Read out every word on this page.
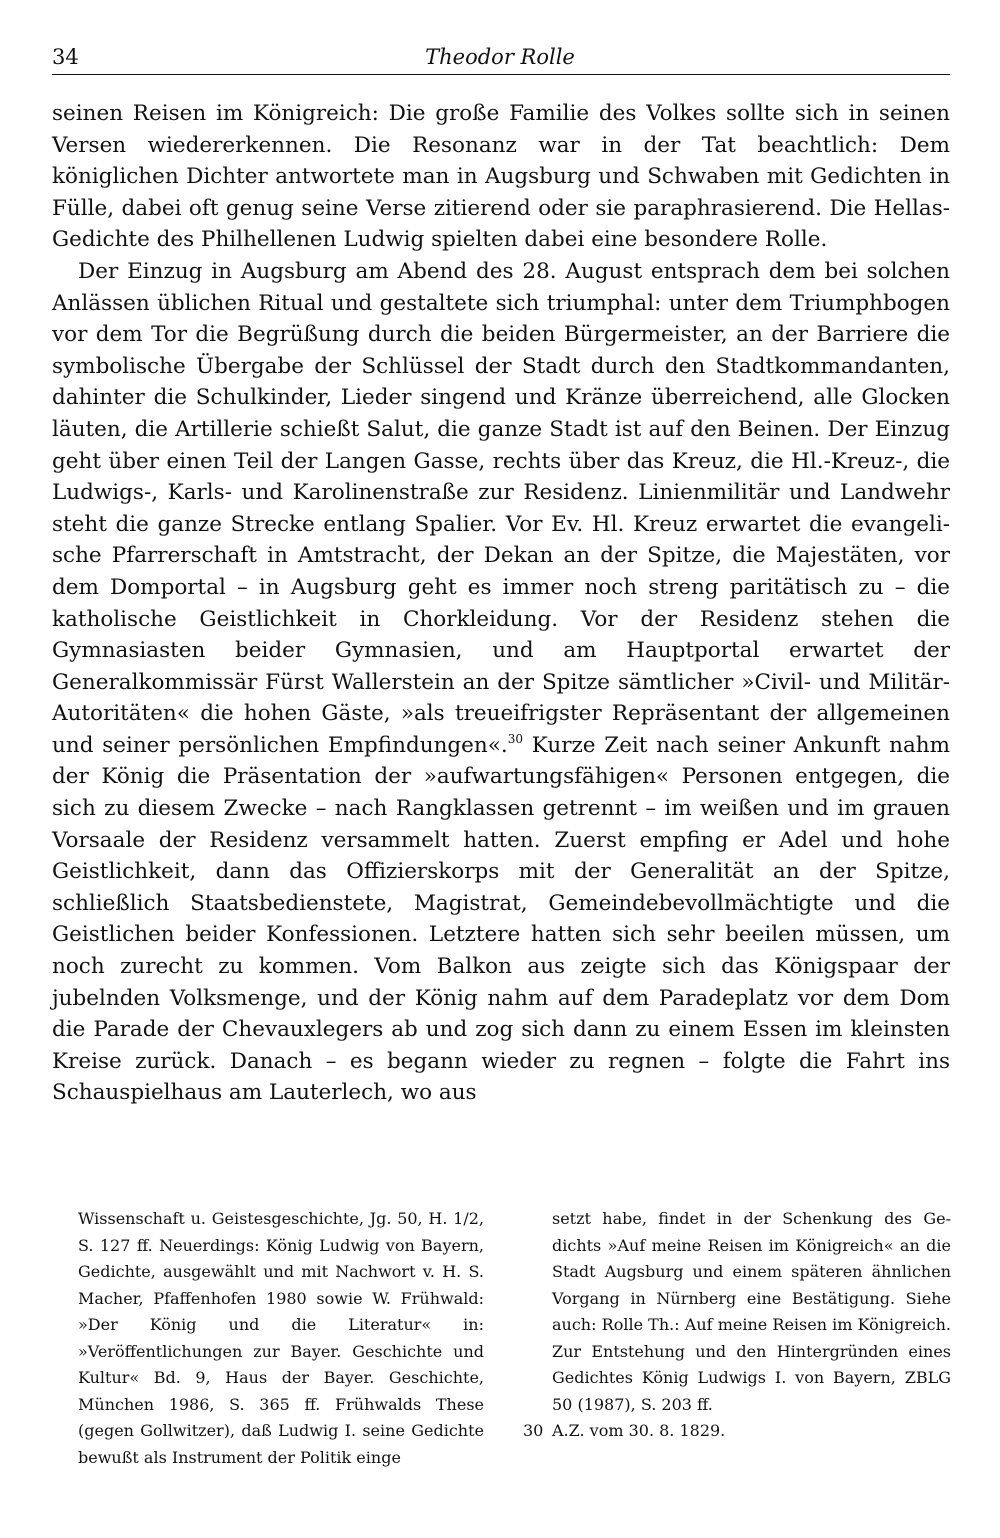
34	Theodor Rolle

seinen Reisen im Königreich: Die große Familie des Volkes sollte sich in seinen Versen wiedererkennen. Die Resonanz war in der Tat beachtlich: Dem königlichen Dichter antwortete man in Augsburg und Schwaben mit Gedichten in Fülle, dabei oft genug seine Verse zitierend oder sie paraphrasierend. Die Hellas-Gedichte des Philhellenen Ludwig spielten dabei eine besondere Rolle.

Der Einzug in Augsburg am Abend des 28. August entsprach dem bei solchen Anlässen üblichen Ritual und gestaltete sich triumphal: unter dem Triumphbogen vor dem Tor die Begrüßung durch die beiden Bürgermeister, an der Barriere die symbolische Übergabe der Schlüssel der Stadt durch den Stadtkommandanten, dahinter die Schulkinder, Lieder singend und Kränze überreichend, alle Glocken läuten, die Artillerie schießt Salut, die ganze Stadt ist auf den Beinen. Der Einzug geht über einen Teil der Langen Gasse, rechts über das Kreuz, die Hl.-Kreuz-, die Ludwigs-, Karls- und Karolinenstraße zur Residenz. Linienmilitär und Landwehr steht die ganze Strecke entlang Spalier. Vor Ev. Hl. Kreuz erwartet die evangelische Pfarrerschaft in Amtstracht, der Dekan an der Spitze, die Majestäten, vor dem Domportal – in Augsburg geht es immer noch streng paritätisch zu – die katholische Geistlichkeit in Chorkleidung. Vor der Residenz stehen die Gymnasiasten beider Gymnasien, und am Hauptportal erwartet der Generalkommissär Fürst Wallerstein an der Spitze sämtlicher »Civil- und Militär-Autoritäten« die hohen Gäste, »als treueifrigster Repräsentant der allgemeinen und seiner persönlichen Empfindungen«.$^{30}$ Kurze Zeit nach seiner Ankunft nahm der König die Präsentation der »aufwartungsfähigen« Personen entgegen, die sich zu diesem Zwecke – nach Rangklassen getrennt – im weißen und im grauen Vorsaale der Residenz versammelt hatten. Zuerst empfing er Adel und hohe Geistlichkeit, dann das Offizierskorps mit der Generalität an der Spitze, schließlich Staatsbedienstete, Magistrat, Gemeindebevollmächtigte und die Geistlichen beider Konfessionen. Letztere hatten sich sehr beeilen müssen, um noch zurecht zu kommen. Vom Balkon aus zeigte sich das Königspaar der jubelnden Volksmenge, und der König nahm auf dem Paradeplatz vor dem Dom die Parade der Chevauxlegers ab und zog sich dann zu einem Essen im kleinsten Kreise zurück. Danach – es begann wieder zu regnen – folgte die Fahrt ins Schauspielhaus am Lauterlech, wo aus

Wissenschaft u. Geistesgeschichte, Jg. 50, H. 1/2, S. 127 ff. Neuerdings: König Ludwig von Bayern, Gedichte, ausgewählt und mit Nachwort v. H. S. Macher, Pfaffenhofen 1980 sowie W. Frühwald: »Der König und die Literatur« in: »Veröffentlichungen zur Bayer. Geschichte und Kultur« Bd. 9, Haus der Bayer. Geschichte, München 1986, S. 365 ff. Frühwalds These (gegen Gollwitzer), daß Ludwig I. seine Gedichte bewußt als Instrument der Politik einge

setzt habe, findet in der Schenkung des Gedichts »Auf meine Reisen im Königreich« an die Stadt Augsburg und einem späteren ähnlichen Vorgang in Nürnberg eine Bestätigung. Siehe auch: Rolle Th.: Auf meine Reisen im Königreich. Zur Entstehung und den Hintergründen eines Gedichtes König Ludwigs I. von Bayern, ZBLG 50 (1987), S. 203 ff.

30 A.Z. vom 30. 8. 1829.
